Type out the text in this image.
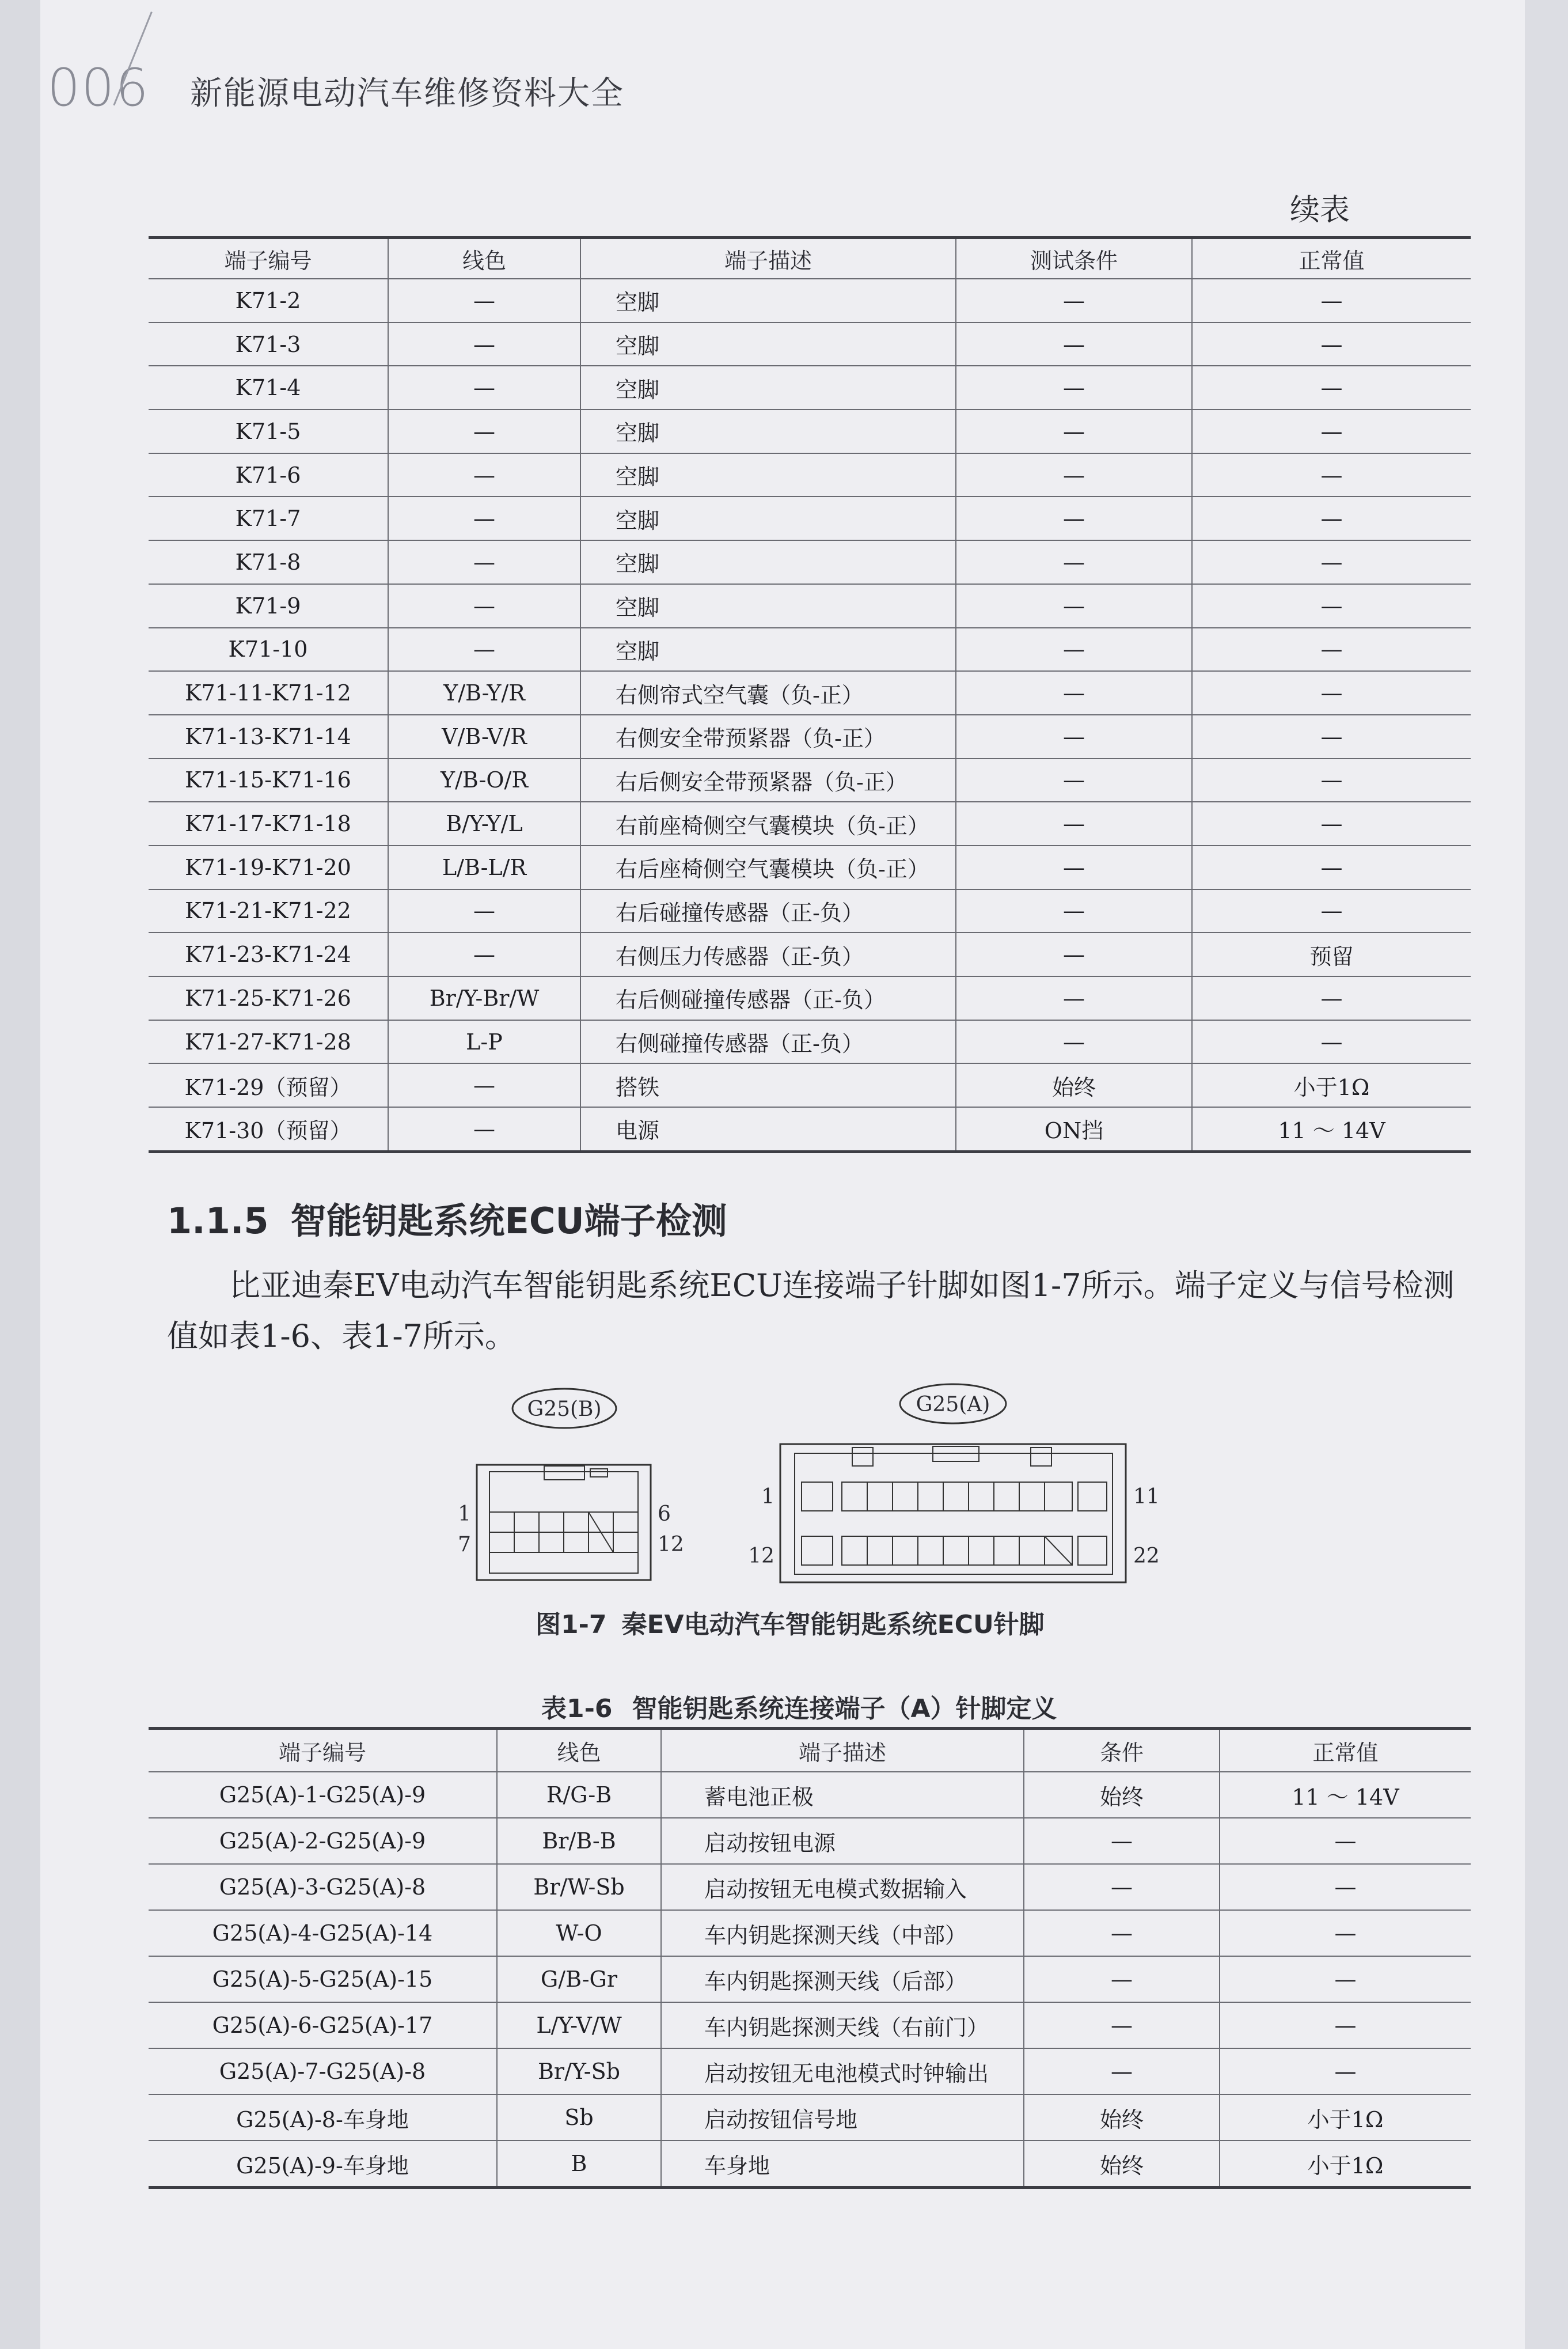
006 新能源电动汽车维修资料大全
续表
端子编号	线色	端子描述	测试条件	正常值
K71-2	—	空脚	—	—
K71-3	—	空脚	—	—
K71-4	—	空脚	—	—
K71-5	—	空脚	—	—
K71-6	—	空脚	—	—
K71-7	—	空脚	—	—
K71-8	—	空脚	—	—
K71-9	—	空脚	—	—
K71-10	—	空脚	—	—
K71-11-K71-12	Y/B-Y/R	右侧帘式空气囊（负-正）	—	—
K71-13-K71-14	V/B-V/R	右侧安全带预紧器（负-正）	—	—
K71-15-K71-16	Y/B-O/R	右后侧安全带预紧器（负-正）	—	—
K71-17-K71-18	B/Y-Y/L	右前座椅侧空气囊模块（负-正）	—	—
K71-19-K71-20	L/B-L/R	右后座椅侧空气囊模块（负-正）	—	—
K71-21-K71-22	—	右后碰撞传感器（正-负）	—	—
K71-23-K71-24	—	右侧压力传感器（正-负）	—	预留
K71-25-K71-26	Br/Y-Br/W	右后侧碰撞传感器（正-负）	—	—
K71-27-K71-28	L-P	右侧碰撞传感器（正-负）	—	—
K71-29（预留）	—	搭铁	始终	小于1Ω
K71-30（预留）	—	电源	ON挡	11 ～ 14V
1.1.5 智能钥匙系统ECU端子检测
比亚迪秦EV电动汽车智能钥匙系统ECU连接端子针脚如图1-7所示。端子定义与信号检测值如表1-6、表1-7所示。
G25(B)
1
7
6
12
G25(A)
1
12
11
22
图1-7 秦EV电动汽车智能钥匙系统ECU针脚
表1-6 智能钥匙系统连接端子（A）针脚定义
端子编号	线色	端子描述	条件	正常值
G25(A)-1-G25(A)-9	R/G-B	蓄电池正极	始终	11 ～ 14V
G25(A)-2-G25(A)-9	Br/B-B	启动按钮电源	—	—
G25(A)-3-G25(A)-8	Br/W-Sb	启动按钮无电模式数据输入	—	—
G25(A)-4-G25(A)-14	W-O	车内钥匙探测天线（中部）	—	—
G25(A)-5-G25(A)-15	G/B-Gr	车内钥匙探测天线（后部）	—	—
G25(A)-6-G25(A)-17	L/Y-V/W	车内钥匙探测天线（右前门）	—	—
G25(A)-7-G25(A)-8	Br/Y-Sb	启动按钮无电池模式时钟输出	—	—
G25(A)-8-车身地	Sb	启动按钮信号地	始终	小于1Ω
G25(A)-9-车身地	B	车身地	始终	小于1Ω
